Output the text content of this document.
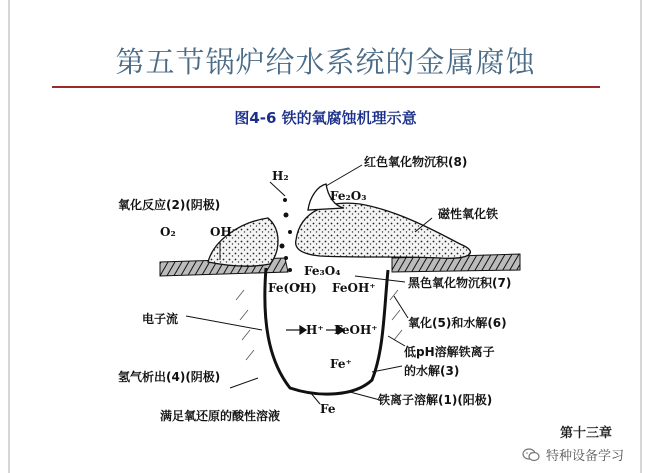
第五节锅炉给水系统的金属腐蚀
图4-6 铁的氧腐蚀机理示意
H₂
红色氧化物沉积(8)
Fe₂O₃
氧化反应(2)(阴极)
O₂	OH⁻
磁性氧化铁
Fe₃O₄
Fe(OH) FeOH⁺	黑色氧化物沉积(7)
电子流
H⁺ FeOH⁺	氧化(5)和水解(6)
Fe⁺
低pH溶解铁离子
的水解(3)
氢气析出(4)(阴极)
Fe
铁离子溶解(1)(阳极)
满足氧还原的酸性溶液
第十三章
特种设备学习
